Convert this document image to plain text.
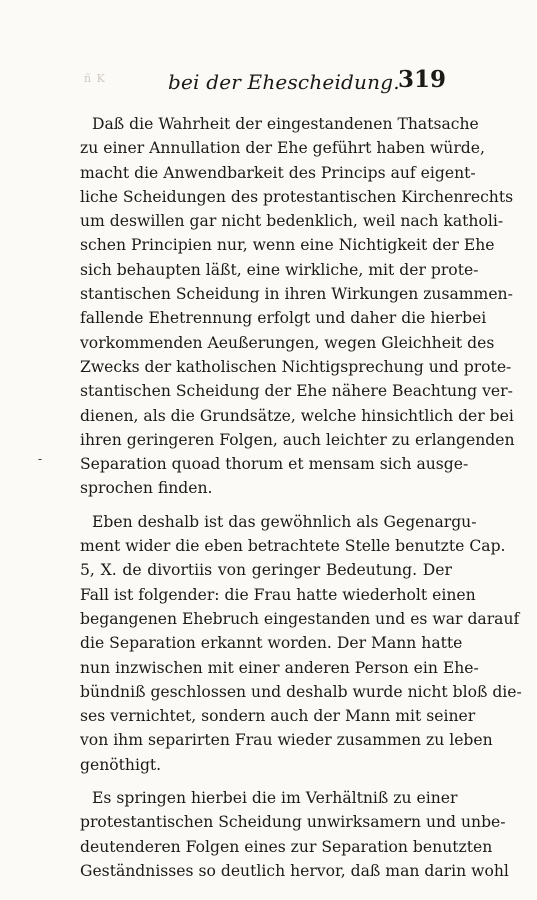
ñ K	bei der Ehescheidung.
319
Daß die Wahrheit der eingestandenen Thatsache
zu einer Annullation der Ehe geführt haben würde,
macht die Anwendbarkeit des Princips auf eigent-
liche Scheidungen des protestantischen Kirchenrechts
um deswillen gar nicht bedenklich, weil nach katholi-
schen Principien nur, wenn eine Nichtigkeit der Ehe
sich behaupten läßt, eine wirkliche, mit der prote-
stantischen Scheidung in ihren Wirkungen zusammen-
fallende Ehetrennung erfolgt und daher die hierbei
vorkommenden Aeußerungen, wegen Gleichheit des
Zwecks der katholischen Nichtigsprechung und prote-
stantischen Scheidung der Ehe nähere Beachtung ver-
dienen, als die Grundsätze, welche hinsichtlich der bei
ihren geringeren Folgen, auch leichter zu erlangenden
Separation quoad thorum et mensam sich ausge-
sprochen finden.
Eben deshalb ist das gewöhnlich als Gegenargu-
ment wider die eben betrachtete Stelle benutzte Cap.
5, X. de divortiis von geringer Bedeutung. Der
Fall ist folgender: die Frau hatte wiederholt einen
begangenen Ehebruch eingestanden und es war darauf
die Separation erkannt worden. Der Mann hatte
nun inzwischen mit einer anderen Person ein Ehe-
bündniß geschlossen und deshalb wurde nicht bloß die-
ses vernichtet, sondern auch der Mann mit seiner
von ihm separirten Frau wieder zusammen zu leben
genöthigt.
Es springen hierbei die im Verhältniß zu einer
protestantischen Scheidung unwirksamern und unbe-
deutenderen Folgen eines zur Separation benutzten
Geständnisses so deutlich hervor, daß man darin wohl
-
